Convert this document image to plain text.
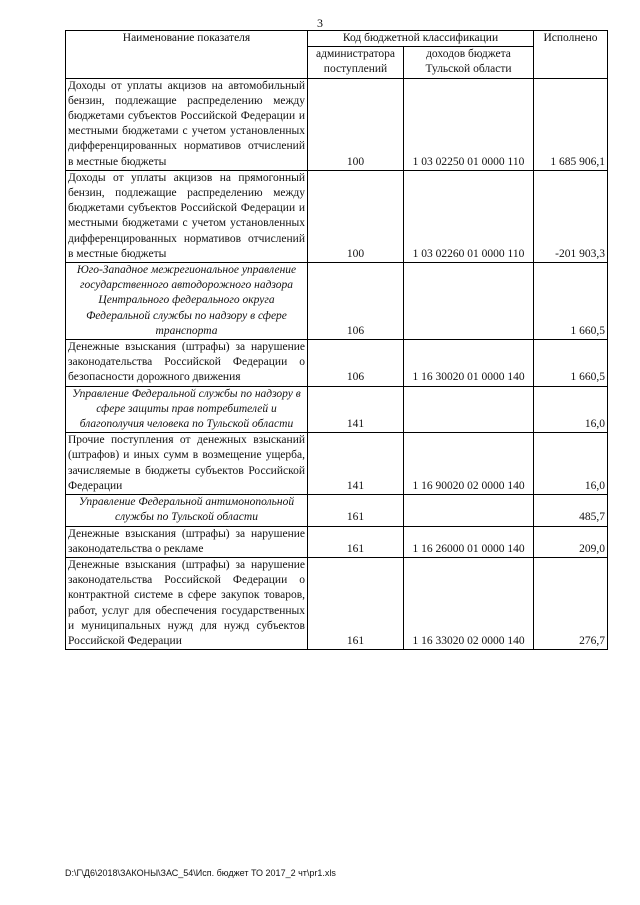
3
Наименование показателя	Код бюджетной классификации		Исполнено
	администратора поступлений	доходов бюджета Тульской области	
Доходы от уплаты акцизов на автомобильный бензин, подлежащие распределению между бюджетами субъектов Российской Федерации и местными бюджетами с учетом установленных дифференцированных нормативов отчислений в местные бюджеты	100	1 03 02250 01 0000 110	1 685 906,1
Доходы от уплаты акцизов на прямогонный бензин, подлежащие распределению между бюджетами субъектов Российской Федерации и местными бюджетами с учетом установленных дифференцированных нормативов отчислений в местные бюджеты	100	1 03 02260 01 0000 110	-201 903,3
Юго-Западное межрегиональное управление государственного автодорожного надзора Центрального федерального округа Федеральной службы по надзору в сфере транспорта	106		1 660,5
Денежные взыскания (штрафы) за нарушение законодательства Российской Федерации о безопасности дорожного движения	106	1 16 30020 01 0000 140	1 660,5
Управление Федеральной службы по надзору в сфере защиты прав потребителей и благополучия человека по Тульской области	141		16,0
Прочие поступления от денежных взысканий (штрафов) и иных сумм в возмещение ущерба, зачисляемые в бюджеты субъектов Российской Федерации	141	1 16 90020 02 0000 140	16,0
Управление Федеральной антимонопольной службы по Тульской области	161		485,7
Денежные взыскания (штрафы) за нарушение законодательства о рекламе	161	1 16 26000 01 0000 140	209,0
Денежные взыскания (штрафы) за нарушение законодательства Российской Федерации о контрактной системе в сфере закупок товаров, работ, услуг для обеспечения государственных и муниципальных нужд для нужд субъектов Российской Федерации	161	1 16 33020 02 0000 140	276,7
D:\Г\Д6\2018\ЗАКОНЫ\ЗАС_54\Исп. бюджет ТО 2017_2 чт\pr1.xls
